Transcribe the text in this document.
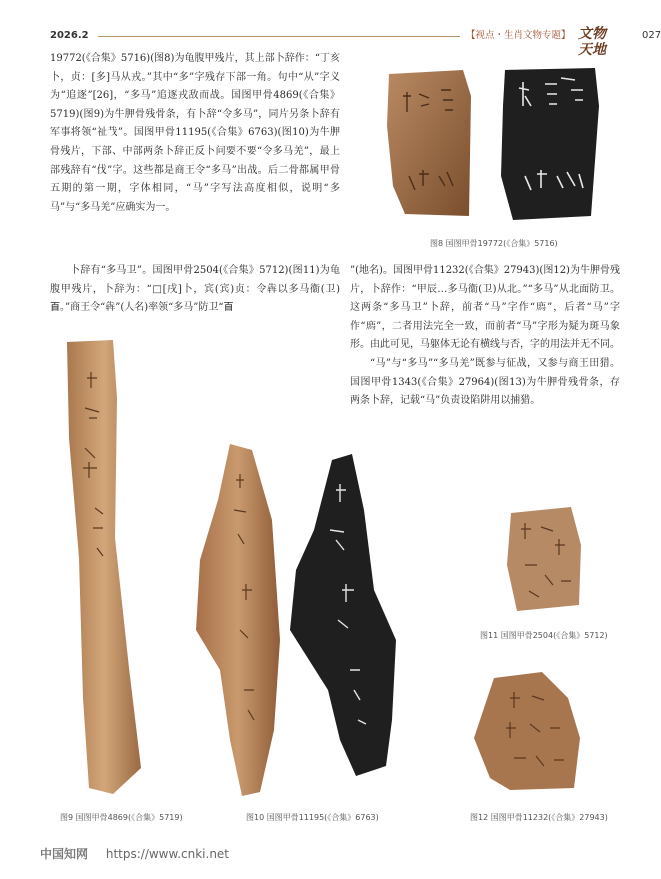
2026.2	【视点・生肖文物专题】 文物天地
027

19772(《合集》5716)(图8)为龟腹甲残片，其上部卜辞作：“丁亥卜，贞：[多]马从戎。”其中“多”字残存下部一角。句中“从”字义为“追逐”[26]，“多马”追逐戎敌而战。国图甲骨4869(《合集》5719)(图9)为牛胛骨残骨条，有卜辞“令多马”，同片另条卜辞有军事将领“祉𢦏”。国图甲骨11195(《合集》6763)(图10)为牛胛骨残片，下部、中部两条卜辞正反卜问要不要“令多马羌”，最上部残辞有“伐”字。这些都是商王令“多马”出战。后二骨都属甲骨五期的第一期，字体相同，“马”字写法高度相似，说明“多马”与“多马羌”应确实为一。

卜辞有“多马卫”。国图甲骨2504(《合集》5712)(图11)为龟腹甲残片，卜辞为：“□[戌]卜，宾(宾)贞：令犇以多马衞(卫)𦣻。”商王令“犇”(人名)率领“多马”防卫“𦣻

”(地名)。国图甲骨11232(《合集》27943)(图12)为牛胛骨残片，卜辞作：“甲辰…多马衞(卫)从北。”“多马”从北面防卫。这两条“多马卫”卜辞，前者“马”字作“𢊁”，后者“马”字作“𢊁”，二者用法完全一致，而前者“马”字形为疑为斑马象形。由此可见，马躯体无论有横线与否，字的用法并无不同。

“马”与“多马”“多马羌”既参与征战，又参与商王田猎。国图甲骨1343(《合集》27964)(图13)为牛胛骨残骨条，存两条卜辞，记载“马”负责设陷阱用以捕猎。

图8 国图甲骨19772(《合集》5716)
图9 国图甲骨4869(《合集》5719)	图10 国图甲骨11195(《合集》6763)
图11 国图甲骨2504(《合集》5712)
图12 国图甲骨11232(《合集》27943)
中国知网 https://www.cnki.net
